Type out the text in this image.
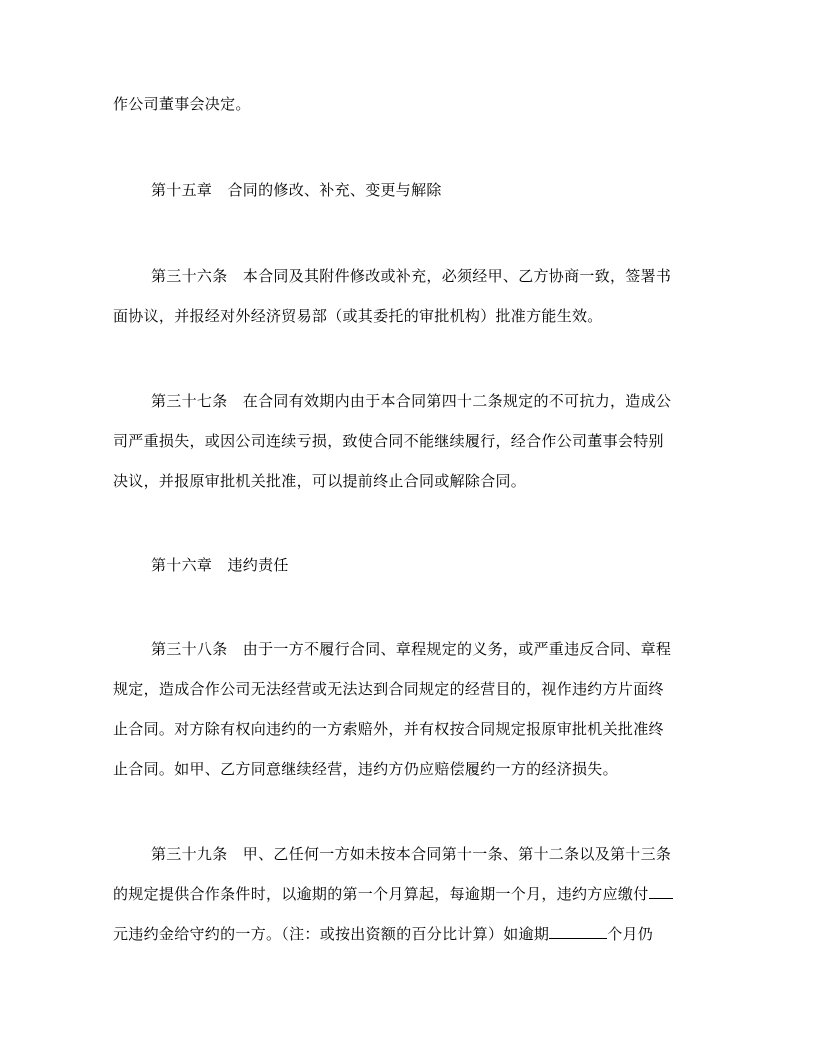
作公司董事会决定。
第十五章　合同的修改、补充、变更与解除
第三十六条　本合同及其附件修改或补充，必须经甲、乙方协商一致，签署书
面协议，并报经对外经济贸易部（或其委托的审批机构）批准方能生效。
第三十七条　在合同有效期内由于本合同第四十二条规定的不可抗力，造成公
司严重损失，或因公司连续亏损，致使合同不能继续履行，经合作公司董事会特别
决议，并报原审批机关批准，可以提前终止合同或解除合同。
第十六章　违约责任
第三十八条　由于一方不履行合同、章程规定的义务，或严重违反合同、章程
规定，造成合作公司无法经营或无法达到合同规定的经营目的，视作违约方片面终
止合同。对方除有权向违约的一方索赔外，并有权按合同规定报原审批机关批准终
止合同。如甲、乙方同意继续经营，违约方仍应赔偿履约一方的经济损失。
第三十九条　甲、乙任何一方如未按本合同第十一条、第十二条以及第十三条
的规定提供合作条件时，以逾期的第一个月算起，每逾期一个月，违约方应缴付
元违约金给守约的一方。（注：或按出资额的百分比计算）如逾期	个月仍
